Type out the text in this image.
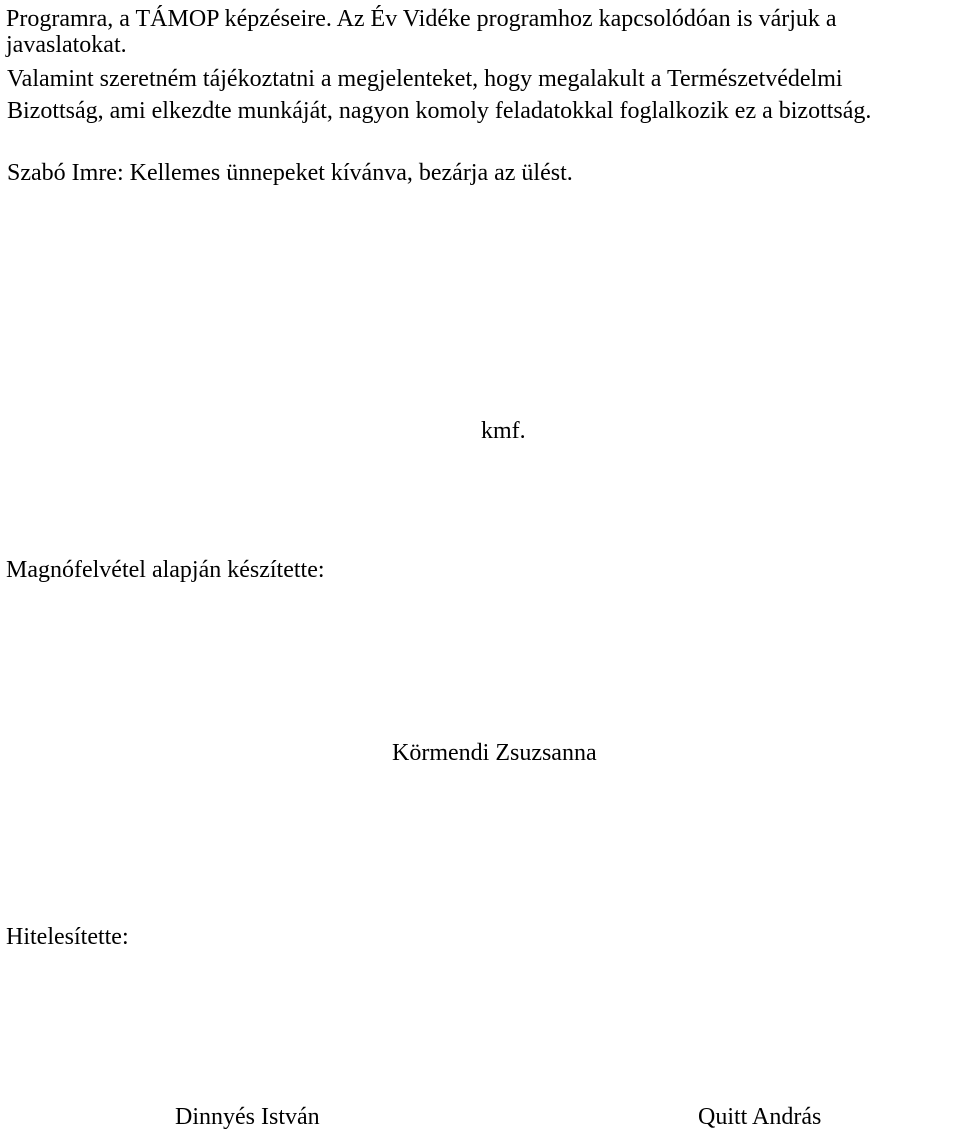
Programra, a TÁMOP képzéseire. Az Év Vidéke programhoz kapcsolódóan is várjuk a
javaslatokat.
Valamint szeretném tájékoztatni a megjelenteket, hogy megalakult a Természetvédelmi
Bizottság, ami elkezdte munkáját, nagyon komoly feladatokkal foglalkozik ez a bizottság.
Szabó Imre: Kellemes ünnepeket kívánva, bezárja az ülést.
kmf.
Magnófelvétel alapján készítette:
Körmendi Zsuzsanna
Hitelesítette:
Dinnyés István	Quitt András
